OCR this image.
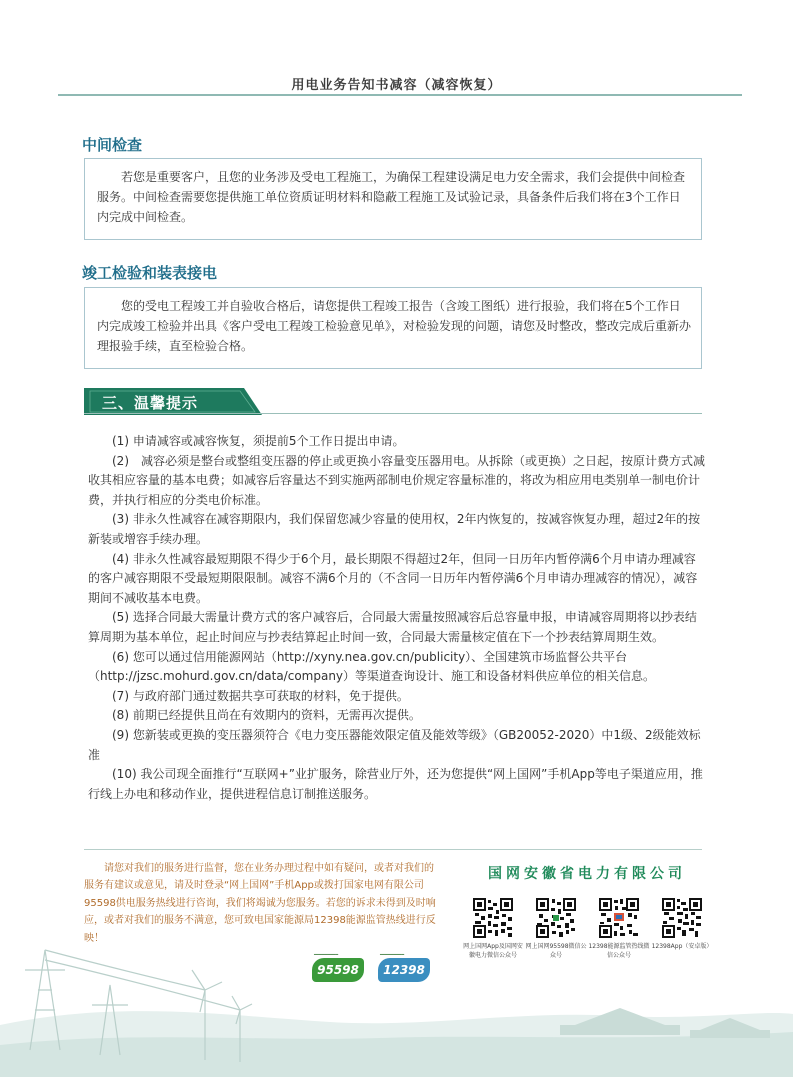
用电业务告知书减容（减容恢复）
中间检查
若您是重要客户，且您的业务涉及受电工程施工，为确保工程建设满足电力安全需求，我们会提供中间检查服务。中间检查需要您提供施工单位资质证明材料和隐蔽工程施工及试验记录，具备条件后我们将在3个工作日内完成中间检查。
竣工检验和装表接电
您的受电工程竣工并自验收合格后，请您提供工程竣工报告（含竣工图纸）进行报验，我们将在5个工作日内完成竣工检验并出具《客户受电工程竣工检验意见单》，对检验发现的问题，请您及时整改，整改完成后重新办理报验手续，直至检验合格。
三、温馨提示

(1) 申请减容或减容恢复，须提前5个工作日提出申请。

(2)　减容必须是整台或整组变压器的停止或更换小容量变压器用电。从拆除（或更换）之日起，按原计费方式减收其相应容量的基本电费；如减容后容量达不到实施两部制电价规定容量标准的，将改为相应用电类别单一制电价计费，并执行相应的分类电价标准。

(3) 非永久性减容在减容期限内，我们保留您减少容量的使用权，2年内恢复的，按减容恢复办理，超过2年的按新装或增容手续办理。

(4) 非永久性减容最短期限不得少于6个月，最长期限不得超过2年，但同一日历年内暂停满6个月申请办理减容的客户减容期限不受最短期限限制。减容不满6个月的（不含同一日历年内暂停满6个月申请办理减容的情况），减容期间不减收基本电费。

(5) 选择合同最大需量计费方式的客户减容后，合同最大需量按照减容后总容量申报，申请减容周期将以抄表结算周期为基本单位，起止时间应与抄表结算起止时间一致，合同最大需量核定值在下一个抄表结算周期生效。

(6) 您可以通过信用能源网站（http://xyny.nea.gov.cn/publicity）、全国建筑市场监督公共平台（http://jzsc.mohurd.gov.cn/data/company）等渠道查询设计、施工和设备材料供应单位的相关信息。

(7) 与政府部门通过数据共享可获取的材料，免于提供。

(8) 前期已经提供且尚在有效期内的资料，无需再次提供。

(9) 您新装或更换的变压器须符合《电力变压器能效限定值及能效等级》（GB20052-2020）中1级、2级能效标准

(10) 我公司现全面推行“互联网+”业扩服务，除营业厅外，还为您提供“网上国网”手机App等电子渠道应用，推行线上办电和移动作业，提供进程信息订制推送服务。

请您对我们的服务进行监督，您在业务办理过程中如有疑问，或者对我们的服务有建议或意见，请及时登录“网上国网”手机App或拨打国家电网有限公司95598供电服务热线进行咨询，我们将竭诚为您服务。若您的诉求未得到及时响应，或者对我们的服务不满意，您可致电国家能源局12398能源监管热线进行反映！
━━━━━━━━
95598
━━━━━━━━
12398
国网安徽省电力有限公司
网上国网App及国网安徽电力微信公众号
网上国网95598微信公众号
12398能源监管热线微信公众号
12398App（安卓版）
